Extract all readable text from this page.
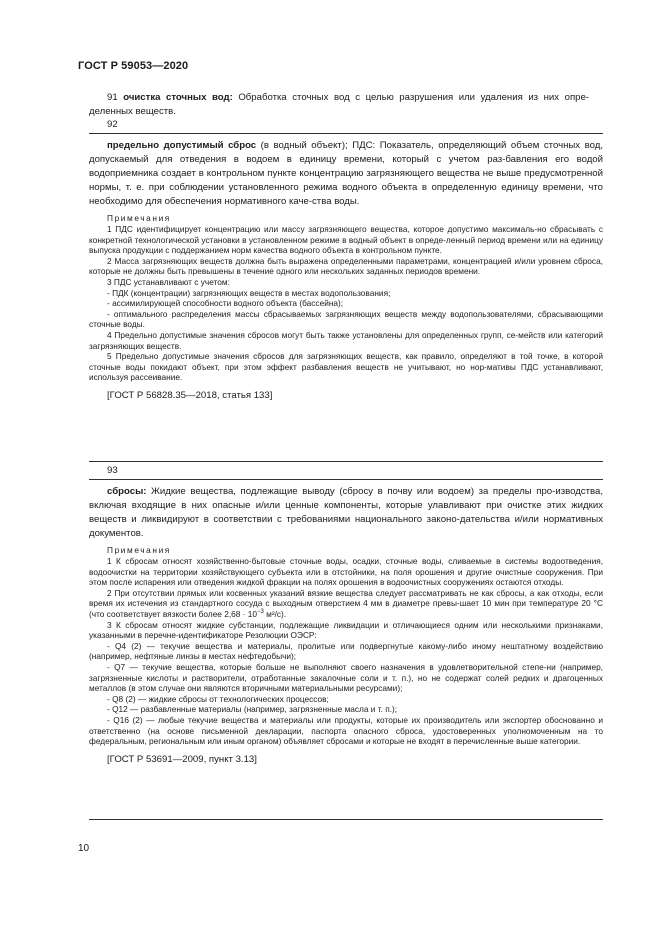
ГОСТ Р 59053—2020

91 очистка сточных вод: Обработка сточных вод с целью разрушения или удаления из них опре-деленных веществ.

92

предельно допустимый сброс (в водный объект); ПДС: Показатель, определяющий объем сточных вод, допускаемый для отведения в водоем в единицу времени, который с учетом раз-бавления его водой водоприемника создает в контрольном пункте концентрацию загрязняющего вещества не выше предусмотренной нормы, т. е. при соблюдении установленного режима водного объекта в определенную единицу времени, что необходимо для обеспечения нормативного каче-ства воды.

Примечания

1 ПДС идентифицирует концентрацию или массу загрязняющего вещества, которое допустимо максималь-но сбрасывать с конкретной технологической установки в установленном режиме в водный объект в опреде-ленный период времени или на единицу выпуска продукции с поддержанием норм качества водного объекта в контрольном пункте.

2 Масса загрязняющих веществ должна быть выражена определенными параметрами, концентрацией и/или уровнем сброса, которые не должны быть превышены в течение одного или нескольких заданных периодов времени.

3 ПДС устанавливают с учетом:

- ПДК (концентрации) загрязняющих веществ в местах водопользования;

- ассимилирующей способности водного объекта (бассейна);

- оптимального распределения массы сбрасываемых загрязняющих веществ между водопользователями, сбрасывающими сточные воды.

4 Предельно допустимые значения сбросов могут быть также установлены для определенных групп, се-мейств или категорий загрязняющих веществ.

5 Предельно допустимые значения сбросов для загрязняющих веществ, как правило, определяют в той точке, в которой сточные воды покидают объект, при этом эффект разбавления веществ не учитывают, но нор-мативы ПДС устанавливают, используя рассеивание.

[ГОСТ Р 56828.35—2018, статья 133]

93

сбросы: Жидкие вещества, подлежащие выводу (сбросу в почву или водоем) за пределы про-изводства, включая входящие в них опасные и/или ценные компоненты, которые улавливают при очистке этих жидких веществ и ликвидируют в соответствии с требованиями национального законо-дательства и/или нормативных документов.

Примечания

1 К сбросам относят хозяйственно-бытовые сточные воды, осадки, сточные воды, сливаемые в системы водоотведения, водоочистки на территории хозяйствующего субъекта или в отстойники, на поля орошения и другие очистные сооружения. При этом после испарения или отведения жидкой фракции на полях орошения в водоочистных сооружениях остаются отходы.

2 При отсутствии прямых или косвенных указаний вязкие вещества следует рассматривать не как сбросы, а как отходы, если время их истечения из стандартного сосуда с выходным отверстием 4 мм в диаметре превы-шает 10 мин при температуре 20 °С (что соответствует вязкости более $2,68 \cdot 10^{-3}$ м²/с).

3 К сбросам относят жидкие субстанции, подлежащие ликвидации и отличающиеся одним или несколькими признаками, указанными в перечне-идентификаторе Резолюции ОЭСР:

- Q4 (2) — текучие вещества и материалы, пролитые или подвергнутые какому-либо иному нештатному воздействию (например, нефтяные линзы в местах нефтедобычи);

- Q7 — текучие вещества, которые больше не выполняют своего назначения в удовлетворительной степе-ни (например, загрязненные кислоты и растворители, отработанные закалочные соли и т. п.), но не содержат солей редких и драгоценных металлов (в этом случае они являются вторичными материальными ресурсами);

- Q8 (2) — жидкие сбросы от технологических процессов;

- Q12 — разбавленные материалы (например, загрязненные масла и т. п.);

- Q16 (2) — любые текучие вещества и материалы или продукты, которые их производитель или экспортер обоснованно и ответственно (на основе письменной декларации, паспорта опасного сброса, удостоверенных уполномоченным на то федеральным, региональным или иным органом) объявляет сбросами и которые не входят в перечисленные выше категории.

[ГОСТ Р 53691—2009, пункт 3.13]

10
